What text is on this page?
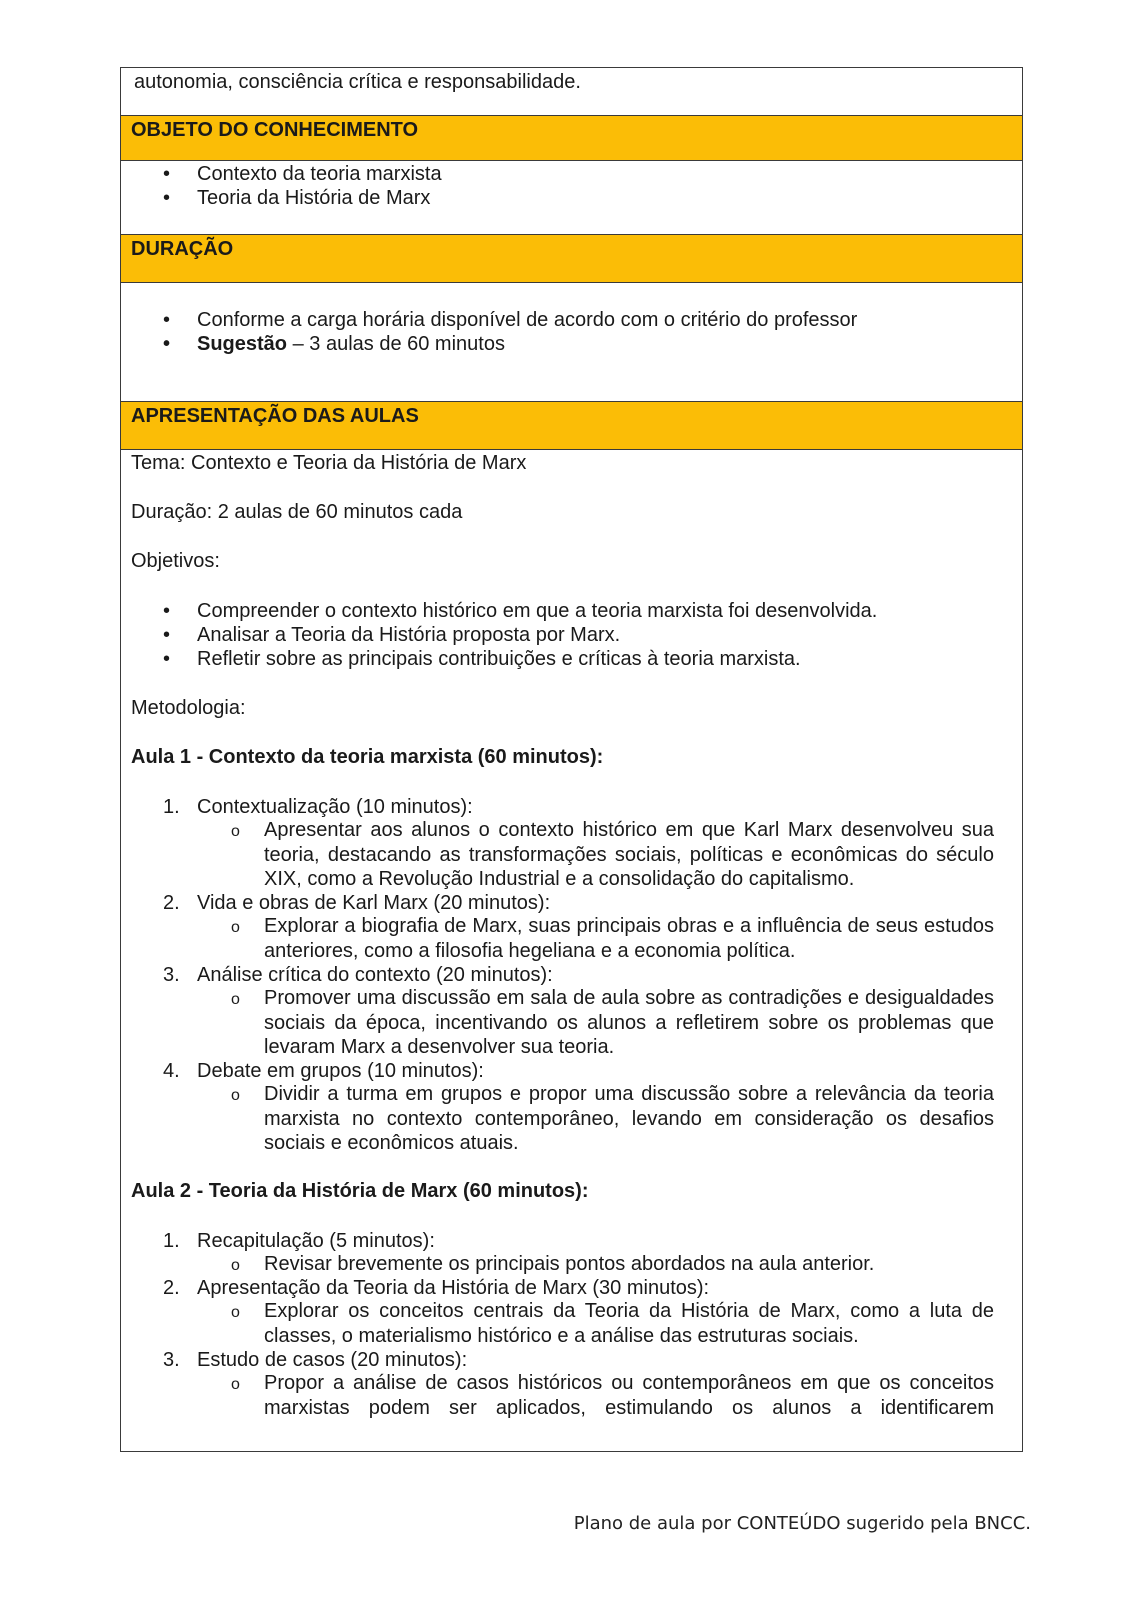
autonomia, consciência crítica e responsabilidade.
OBJETO DO CONHECIMENTO
• Contexto da teoria marxista
• Teoria da História de Marx
DURAÇÃO
• Conforme a carga horária disponível de acordo com o critério do professor
• Sugestão – 3 aulas de 60 minutos
APRESENTAÇÃO DAS AULAS
Tema: Contexto e Teoria da História de Marx
Duração: 2 aulas de 60 minutos cada
Objetivos:
• Compreender o contexto histórico em que a teoria marxista foi desenvolvida.
• Analisar a Teoria da História proposta por Marx.
• Refletir sobre as principais contribuições e críticas à teoria marxista.
Metodologia:
Aula 1 - Contexto da teoria marxista (60 minutos):
1. Contextualização (10 minutos):
o Apresentar aos alunos o contexto histórico em que Karl Marx desenvolveu sua teoria, destacando as transformações sociais, políticas e econômicas do século XIX, como a Revolução Industrial e a consolidação do capitalismo.
2. Vida e obras de Karl Marx (20 minutos):
o Explorar a biografia de Marx, suas principais obras e a influência de seus estudos anteriores, como a filosofia hegeliana e a economia política.
3. Análise crítica do contexto (20 minutos):
o Promover uma discussão em sala de aula sobre as contradições e desigualdades sociais da época, incentivando os alunos a refletirem sobre os problemas que levaram Marx a desenvolver sua teoria.
4. Debate em grupos (10 minutos):
o Dividir a turma em grupos e propor uma discussão sobre a relevância da teoria marxista no contexto contemporâneo, levando em consideração os desafios sociais e econômicos atuais.
Aula 2 - Teoria da História de Marx (60 minutos):
1. Recapitulação (5 minutos):
o Revisar brevemente os principais pontos abordados na aula anterior.
2. Apresentação da Teoria da História de Marx (30 minutos):
o Explorar os conceitos centrais da Teoria da História de Marx, como a luta de classes, o materialismo histórico e a análise das estruturas sociais.
3. Estudo de casos (20 minutos):
o Propor a análise de casos históricos ou contemporâneos em que os conceitos marxistas podem ser aplicados, estimulando os alunos a identificarem
Plano de aula por CONTEÚDO sugerido pela BNCC.
